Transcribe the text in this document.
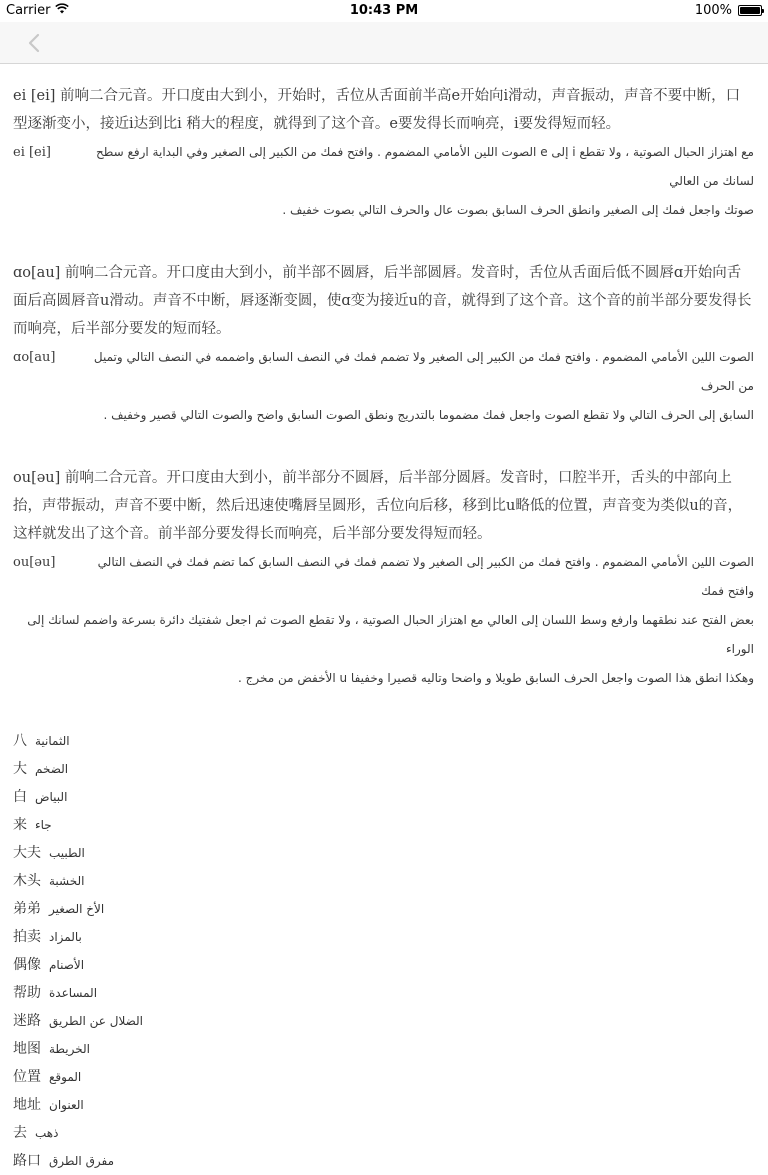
Carrier	10:43 PM	100%

ei [ei] 前响二合元音。开口度由大到小，开始时，舌位从舌面前半高e开始向i滑动，声音振动，声音不要中断，口型逐渐变小，接近i达到比i 稍大的程度，就得到了这个音。e要发得长而响亮，i要发得短而轻。

ei [ei]	مع اهتزاز الحبال الصوتية ، ولا تقطع i إلى e الصوت اللين الأمامي المضموم . وافتح فمك من الكبير إلى الصغير وفي البداية ارفع سطح لسانك من العالي
صوتك واجعل فمك إلى الصغير وانطق الحرف السابق بصوت عال والحرف التالي بصوت خفيف .

ɑo[au] 前响二合元音。开口度由大到小，前半部不圆唇，后半部圆唇。发音时，舌位从舌面后低不圆唇ɑ开始向舌面后高圆唇音u滑动。声音不中断，唇逐渐变圆，使ɑ变为接近u的音，就得到了这个音。这个音的前半部分要发得长而响亮，后半部分要发的短而轻。

ɑo[au]	الصوت اللين الأمامي المضموم . وافتح فمك من الكبير إلى الصغير ولا تضمم فمك في النصف السابق واضممه في النصف التالي وتميل من الحرف
السابق إلى الحرف التالي ولا تقطع الصوت واجعل فمك مضموما بالتدريج ونطق الصوت السابق واضح والصوت التالي قصير وخفيف .

ou[əu] 前响二合元音。开口度由大到小，前半部分不圆唇，后半部分圆唇。发音时，口腔半开，舌头的中部向上抬，声带振动，声音不要中断，然后迅速使嘴唇呈圆形，舌位向后移，移到比u略低的位置，声音变为类似u的音，这样就发出了这个音。前半部分要发得长而响亮，后半部分要发得短而轻。

ou[əu]	الصوت اللين الأمامي المضموم . وافتح فمك من الكبير إلى الصغير ولا تضمم فمك في النصف السابق كما تضم فمك في النصف التالي وافتح فمك
بعض الفتح عند نطقهما وارفع وسط اللسان إلى العالي مع اهتزاز الحبال الصوتية ، ولا تقطع الصوت ثم اجعل شفتيك دائرة بسرعة واضمم لسانك إلى الوراء
وهكذا انطق هذا الصوت واجعل الحرف السابق طويلا و واضحا وتاليه قصيرا وخفيفا u الأخفض من مخرج .
八 الثمانية
大 الضخم
白 البياض
来 جاء
大夫 الطبيب
木头 الخشبة
弟弟 الأخ الصغير
拍卖 بالمزاد
偶像 الأصنام
帮助 المساعدة
迷路 الضلال عن الطريق
地图 الخريطة
位置 الموقع
地址 العنوان
去 ذهب
路口 مفرق الطرق
